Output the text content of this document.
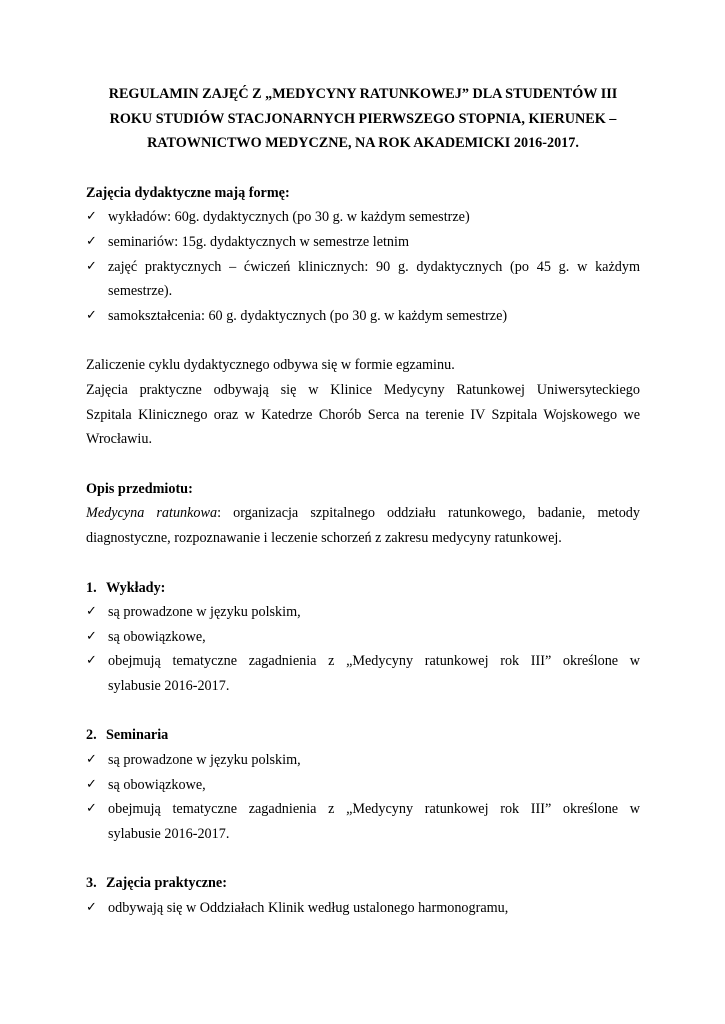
REGULAMIN ZAJĘĆ Z „MEDYCYNY RATUNKOWEJ” DLA STUDENTÓW III
ROKU STUDIÓW STACJONARNYCH PIERWSZEGO STOPNIA, KIERUNEK –
RATOWNICTWO MEDYCZNE, NA ROK AKADEMICKI 2016-2017.

Zajęcia dydaktyczne mają formę:

✓ wykładów: 60g. dydaktycznych (po 30 g. w każdym semestrze)
✓ seminariów: 15g. dydaktycznych w semestrze letnim
✓ zajęć praktycznych – ćwiczeń klinicznych: 90 g. dydaktycznych (po 45 g. w każdym
semestrze).
✓ samokształcenia: 60 g. dydaktycznych (po 30 g. w każdym semestrze)

Zaliczenie cyklu dydaktycznego odbywa się w formie egzaminu.

Zajęcia praktyczne odbywają się w Klinice Medycyny Ratunkowej Uniwersyteckiego

Szpitala Klinicznego oraz w Katedrze Chorób Serca na terenie IV Szpitala Wojskowego we

Wrocławiu.

Opis przedmiotu:

Medycyna ratunkowa: organizacja szpitalnego oddziału ratunkowego, badanie, metody

diagnostyczne, rozpoznawanie i leczenie schorzeń z zakresu medycyny ratunkowej.

1. Wykłady:

✓ są prowadzone w języku polskim,
✓ są obowiązkowe,
✓ obejmują tematyczne zagadnienia z „Medycyny ratunkowej rok III” określone w
sylabusie 2016-2017.

2. Seminaria

✓ są prowadzone w języku polskim,
✓ są obowiązkowe,
✓ obejmują tematyczne zagadnienia z „Medycyny ratunkowej rok III” określone w
sylabusie 2016-2017.

3. Zajęcia praktyczne:

✓ odbywają się w Oddziałach Klinik według ustalonego harmonogramu,
